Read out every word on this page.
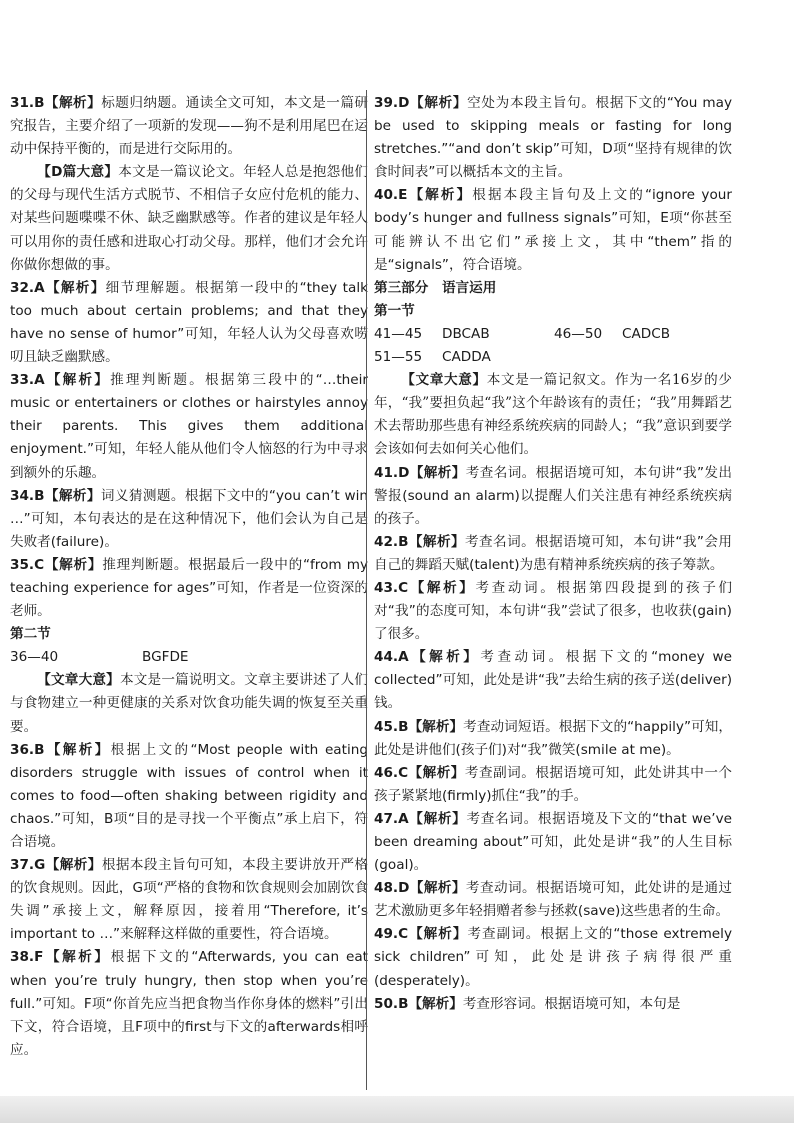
31.B【解析】标题归纳题。通读全文可知，本文是一篇研究报告，主要介绍了一项新的发现——狗不是利用尾巴在运动中保持平衡的，而是进行交际用的。

【D篇大意】本文是一篇议论文。年轻人总是抱怨他们的父母与现代生活方式脱节、不相信子女应付危机的能力、对某些问题喋喋不休、缺乏幽默感等。作者的建议是年轻人可以用你的责任感和进取心打动父母。那样，他们才会允许你做你想做的事。

32.A【解析】细节理解题。根据第一段中的“they talk too much about certain problems; and that they have no sense of humor”可知，年轻人认为父母喜欢唠叨且缺乏幽默感。

33.A【解析】推理判断题。根据第三段中的“…their music or entertainers or clothes or hairstyles annoy their parents. This gives them additional enjoyment.”可知，年轻人能从他们令人恼怒的行为中寻求到额外的乐趣。

34.B【解析】词义猜测题。根据下文中的“you can’t win …”可知，本句表达的是在这种情况下，他们会认为自己是失败者(failure)。

35.C【解析】推理判断题。根据最后一段中的“from my teaching experience for ages”可知，作者是一位资深的老师。

第二节

36—40	BGFDE

【文章大意】本文是一篇说明文。文章主要讲述了人们与食物建立一种更健康的关系对饮食功能失调的恢复至关重要。

36.B【解析】根据上文的“Most people with eating disorders struggle with issues of control when it comes to food—often shaking between rigidity and chaos.”可知，B项“目的是寻找一个平衡点”承上启下，符合语境。

37.G【解析】根据本段主旨句可知，本段主要讲放开严格的饮食规则。因此，G项“严格的食物和饮食规则会加剧饮食失调”承接上文，解释原因，接着用“Therefore, it’s important to …”来解释这样做的重要性，符合语境。

38.F【解析】根据下文的“Afterwards, you can eat when you’re truly hungry, then stop when you’re full.”可知。F项“你首先应当把食物当作你身体的燃料”引出下文，符合语境，且F项中的first与下文的afterwards相呼应。

39.D【解析】空处为本段主旨句。根据下文的“You may be used to skipping meals or fasting for long stretches.”“and don’t skip”可知，D项“坚持有规律的饮食时间表”可以概括本文的主旨。

40.E【解析】根据本段主旨句及上文的“ignore your body’s hunger and fullness signals”可知，E项“你甚至可能辨认不出它们”承接上文，其中“them”指的是“signals”，符合语境。

第三部分　语言运用

第一节

41—45 DBCAB	46—50 CADCB

51—55 CADDA

【文章大意】本文是一篇记叙文。作为一名16岁的少年，“我”要担负起“我”这个年龄该有的责任；“我”用舞蹈艺术去帮助那些患有神经系统疾病的同龄人；“我”意识到要学会该如何去如何关心他们。

41.D【解析】考查名词。根据语境可知，本句讲“我”发出警报(sound an alarm)以提醒人们关注患有神经系统疾病的孩子。

42.B【解析】考查名词。根据语境可知，本句讲“我”会用自己的舞蹈天赋(talent)为患有精神系统疾病的孩子筹款。

43.C【解析】考查动词。根据第四段提到的孩子们对“我”的态度可知，本句讲“我”尝试了很多，也收获(gain)了很多。

44.A【解析】考查动词。根据下文的“money we collected”可知，此处是讲“我”去给生病的孩子送(deliver)钱。

45.B【解析】考查动词短语。根据下文的“happily”可知，此处是讲他们(孩子们)对“我”微笑(smile at me)。

46.C【解析】考查副词。根据语境可知，此处讲其中一个孩子紧紧地(firmly)抓住“我”的手。

47.A【解析】考查名词。根据语境及下文的“that we’ve been dreaming about”可知，此处是讲“我”的人生目标(goal)。

48.D【解析】考查动词。根据语境可知，此处讲的是通过艺术激励更多年轻捐赠者参与拯救(save)这些患者的生命。

49.C【解析】考查副词。根据上文的“those extremely sick children”可知，此处是讲孩子病得很严重(desperately)。

50.B【解析】考查形容词。根据语境可知，本句是
